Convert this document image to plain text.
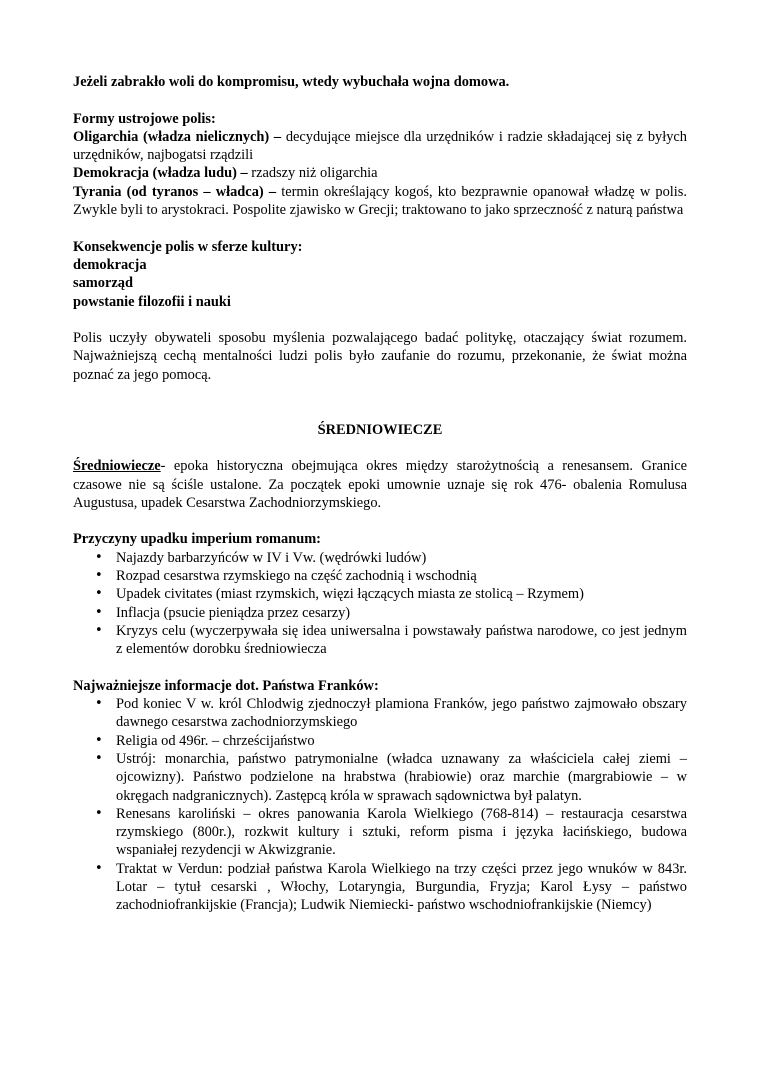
Jeżeli zabrakło woli do kompromisu, wtedy wybuchała wojna domowa.

Formy ustrojowe polis:

Oligarchia (władza nielicznych) – decydujące miejsce dla urzędników i radzie składającej się z byłych urzędników, najbogatsi rządzili

Demokracja (władza ludu) – rzadszy niż oligarchia

Tyrania (od tyranos – władca) – termin określający kogoś, kto bezprawnie opanował władzę w polis. Zwykle byli to arystokraci. Pospolite zjawisko w Grecji; traktowano to jako sprzeczność z naturą państwa

Konsekwencje polis w sferze kultury:

demokracja

samorząd

powstanie filozofii i nauki

Polis uczyły obywateli sposobu myślenia pozwalającego badać politykę, otaczający świat rozumem. Najważniejszą cechą mentalności ludzi polis było zaufanie do rozumu, przekonanie, że świat można poznać za jego pomocą.

ŚREDNIOWIECZE

Średniowiecze- epoka historyczna obejmująca okres między starożytnością a renesansem. Granice czasowe nie są ściśle ustalone. Za początek epoki umownie uznaje się rok 476- obalenia Romulusa Augustusa, upadek Cesarstwa Zachodniorzymskiego.

Przyczyny upadku imperium romanum:

• Najazdy barbarzyńców w IV i Vw. (wędrówki ludów)
• Rozpad cesarstwa rzymskiego na część zachodnią i wschodnią
• Upadek civitates (miast rzymskich, więzi łączących miasta ze stolicą – Rzymem)
• Inflacja (psucie pieniądza przez cesarzy)
• Kryzys celu (wyczerpywała się idea uniwersalna i powstawały państwa narodowe, co jest jednym z elementów dorobku średniowiecza

Najważniejsze informacje dot. Państwa Franków:

• Pod koniec V w. król Chlodwig zjednoczył plamiona Franków, jego państwo zajmowało obszary dawnego cesarstwa zachodniorzymskiego
• Religia od 496r. – chrześcijaństwo
• Ustrój: monarchia, państwo patrymonialne (władca uznawany za właściciela całej ziemi – ojcowizny). Państwo podzielone na hrabstwa (hrabiowie) oraz marchie (margrabiowie – w okręgach nadgranicznych). Zastępcą króla w sprawach sądownictwa był palatyn.
• Renesans karoliński – okres panowania Karola Wielkiego (768-814) – restauracja cesarstwa rzymskiego (800r.), rozkwit kultury i sztuki, reform pisma i języka łacińskiego, budowa wspaniałej rezydencji w Akwizgranie.
• Traktat w Verdun: podział państwa Karola Wielkiego na trzy części przez jego wnuków w 843r. Lotar – tytuł cesarski , Włochy, Lotaryngia, Burgundia, Fryzja; Karol Łysy – państwo zachodniofrankijskie (Francja); Ludwik Niemiecki- państwo wschodniofrankijskie (Niemcy)
